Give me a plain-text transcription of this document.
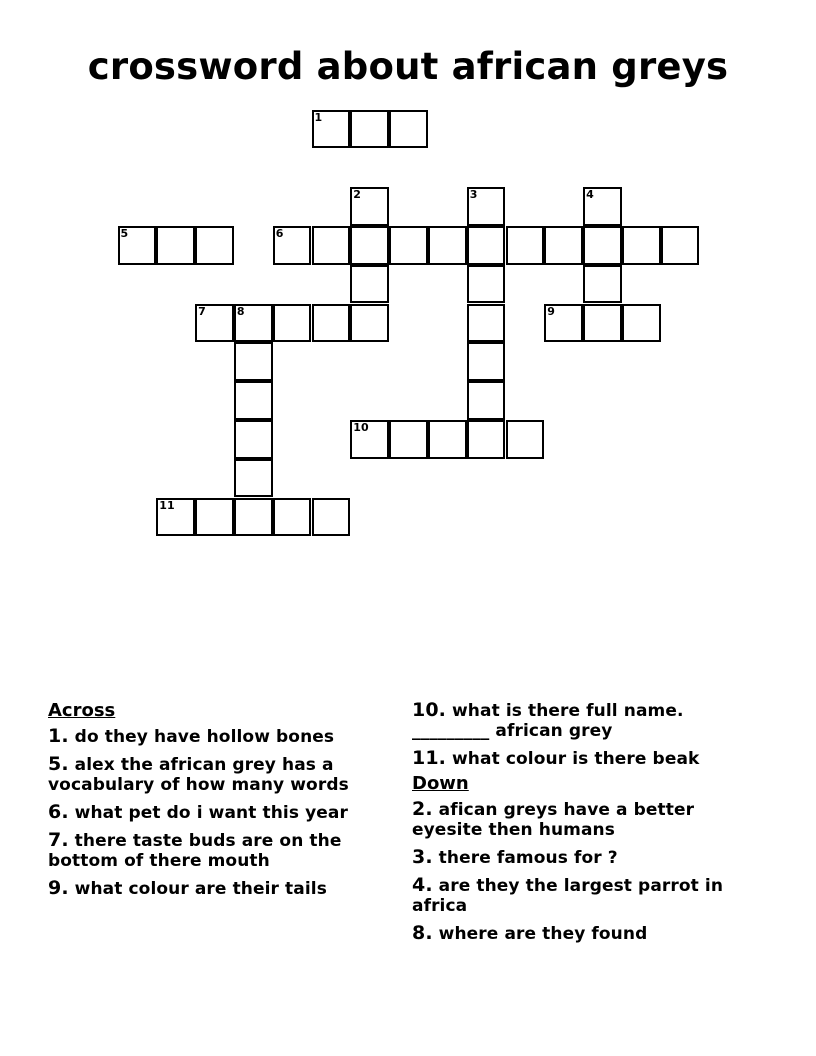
crossword about african greys
1
5	6
7	8	9
10
11
2	3	4
Across
1. do they have hollow bones
5. alex the african grey has a vocabulary of how many words
6. what pet do i want this year
7. there taste buds are on the bottom of there mouth
9. what colour are their tails
10. what is there full name. _________ african grey
11. what colour is there beak
Down
2. afican greys have a better eyesite then humans
3. there famous for ?
4. are they the largest parrot in africa
8. where are they found
